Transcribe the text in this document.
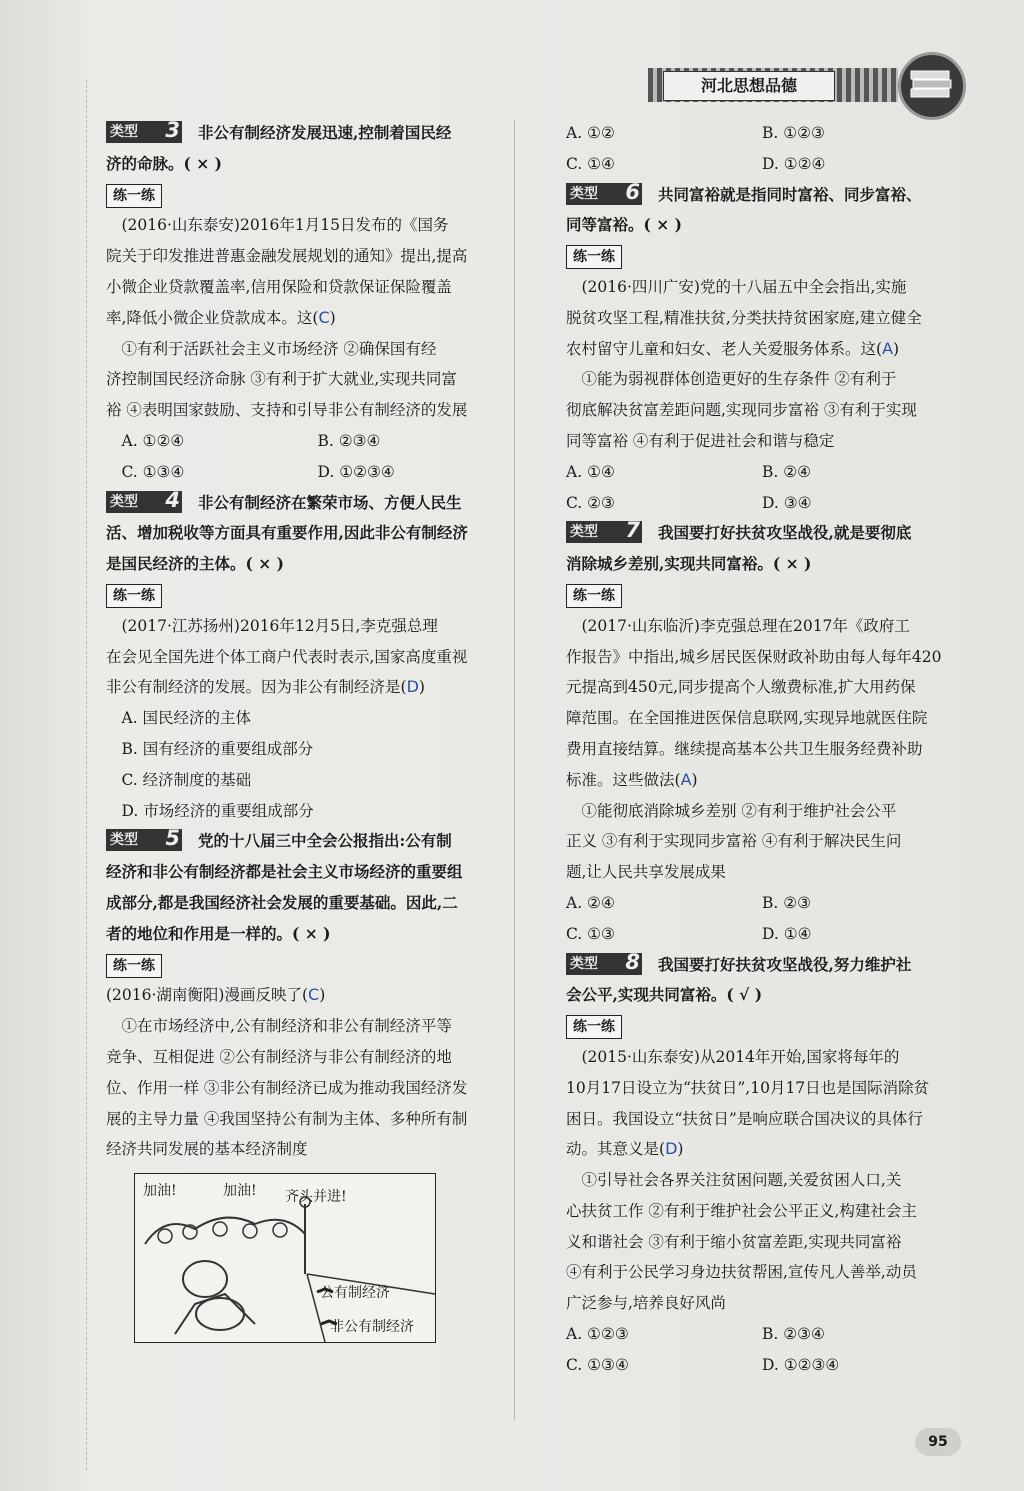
河北思想品德
类型 3 非公有制经济发展迅速,控制着国民经
济的命脉。( × )
练一练
(2016·山东泰安)2016年1月15日发布的《国务
院关于印发推进普惠金融发展规划的通知》提出,提高
小微企业贷款覆盖率,信用保险和贷款保证保险覆盖
率,降低小微企业贷款成本。这(C)
①有利于活跃社会主义市场经济 ②确保国有经
济控制国民经济命脉 ③有利于扩大就业,实现共同富
裕 ④表明国家鼓励、支持和引导非公有制经济的发展
A. ①②④	B. ②③④
C. ①③④	D. ①②③④
类型 4 非公有制经济在繁荣市场、方便人民生
活、增加税收等方面具有重要作用,因此非公有制经济
是国民经济的主体。( × )
练一练
(2017·江苏扬州)2016年12月5日,李克强总理
在会见全国先进个体工商户代表时表示,国家高度重视
非公有制经济的发展。因为非公有制经济是(D)
A. 国民经济的主体
B. 国有经济的重要组成部分
C. 经济制度的基础
D. 市场经济的重要组成部分
类型 5 党的十八届三中全会公报指出:公有制
经济和非公有制经济都是社会主义市场经济的重要组
成部分,都是我国经济社会发展的重要基础。因此,二
者的地位和作用是一样的。( × )
练一练
(2016·湖南衡阳)漫画反映了(C)
①在市场经济中,公有制经济和非公有制经济平等
竞争、互相促进 ②公有制经济与非公有制经济的地
位、作用一样 ③非公有制经济已成为推动我国经济发
展的主导力量 ④我国坚持公有制为主体、多种所有制
经济共同发展的基本经济制度
加油!	加油! 齐头并进!
公有制经济
非公有制经济
A. ①②	B. ①②③
C. ①④	D. ①②④
类型 6 共同富裕就是指同时富裕、同步富裕、
同等富裕。( × )
练一练
(2016·四川广安)党的十八届五中全会指出,实施
脱贫攻坚工程,精准扶贫,分类扶持贫困家庭,建立健全
农村留守儿童和妇女、老人关爱服务体系。这(A)
①能为弱视群体创造更好的生存条件 ②有利于
彻底解决贫富差距问题,实现同步富裕 ③有利于实现
同等富裕 ④有利于促进社会和谐与稳定
A. ①④	B. ②④
C. ②③	D. ③④
类型 7 我国要打好扶贫攻坚战役,就是要彻底
消除城乡差别,实现共同富裕。( × )
练一练
(2017·山东临沂)李克强总理在2017年《政府工
作报告》中指出,城乡居民医保财政补助由每人每年420
元提高到450元,同步提高个人缴费标准,扩大用药保
障范围。在全国推进医保信息联网,实现异地就医住院
费用直接结算。继续提高基本公共卫生服务经费补助
标准。这些做法(A)
①能彻底消除城乡差别 ②有利于维护社会公平
正义 ③有利于实现同步富裕 ④有利于解决民生问
题,让人民共享发展成果
A. ②④	B. ②③
C. ①③	D. ①④
类型 8 我国要打好扶贫攻坚战役,努力维护社
会公平,实现共同富裕。( √ )
练一练
(2015·山东泰安)从2014年开始,国家将每年的
10月17日设立为“扶贫日”,10月17日也是国际消除贫
困日。我国设立“扶贫日”是响应联合国决议的具体行
动。其意义是(D)
①引导社会各界关注贫困问题,关爱贫困人口,关
心扶贫工作 ②有利于维护社会公平正义,构建社会主
义和谐社会 ③有利于缩小贫富差距,实现共同富裕
④有利于公民学习身边扶贫帮困,宣传凡人善举,动员
广泛参与,培养良好风尚
A. ①②③	B. ②③④
C. ①③④	D. ①②③④
95
